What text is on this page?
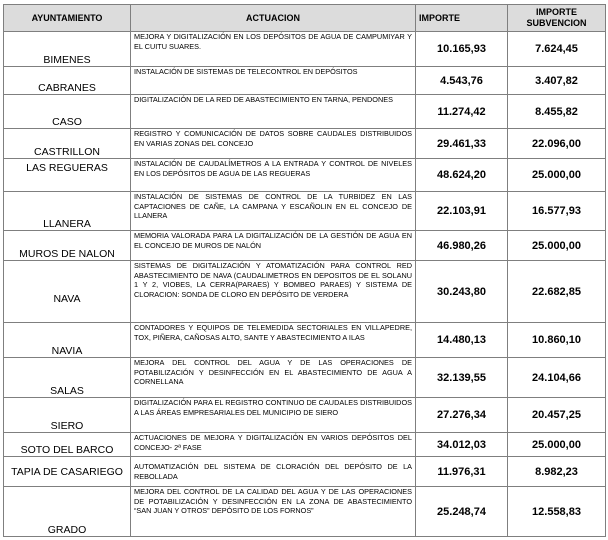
AYUNTAMIENTO	ACTUACION	IMPORTE	IMPORTE SUBVENCION
BIMENES	MEJORA Y DIGITALIZACIÓN EN LOS DEPÓSITOS DE AGUA DE CAMPUMIYAR Y EL CUITU SUARES.	10.165,93	7.624,45
CABRANES	INSTALACIÓN DE SISTEMAS DE TELECONTROL EN DEPÓSITOS	4.543,76	3.407,82
CASO	DIGITALIZACIÓN DE LA RED DE ABASTECIMIENTO EN TARNA, PENDONES	11.274,42	8.455,82
CASTRILLON	REGISTRO Y COMUNICACIÓN DE DATOS SOBRE CAUDALES DISTRIBUIDOS EN VARIAS ZONAS DEL CONCEJO	29.461,33	22.096,00
LAS REGUERAS	INSTALACIÓN DE CAUDALÍMETROS A LA ENTRADA Y CONTROL DE NIVELES EN LOS DEPÓSITOS DE AGUA DE LAS REGUERAS	48.624,20	25.000,00
LLANERA	INSTALACIÓN DE SISTEMAS DE CONTROL DE LA TURBIDEZ EN LAS CAPTACIONES DE CAÑE, LA CAMPANA Y ESCAÑOLIN EN EL CONCEJO DE LLANERA	22.103,91	16.577,93
MUROS DE NALON	MEMORIA VALORADA PARA LA DIGITALIZACIÓN DE LA GESTIÓN DE AGUA EN EL CONCEJO DE MUROS DE NALÓN	46.980,26	25.000,00
NAVA	SISTEMAS DE DIGITALIZACIÓN Y ATOMATIZACIÓN PARA CONTROL RED ABASTECIMIENTO DE NAVA (CAUDALIMETROS EN DEPOSITOS DE EL SOLANU 1 Y 2, VIOBES, LA CERRA(PARAES) Y BOMBEO PARAES) Y SISTEMA DE CLORACION: SONDA DE CLORO EN DEPÓSITO DE VERDERA	30.243,80	22.682,85
NAVIA	CONTADORES Y EQUIPOS DE TELEMEDIDA SECTORIALES EN VILLAPEDRE, TOX, PIÑERA, CAÑOSAS ALTO, SANTE Y ABASTECIMIENTO A ILAS	14.480,13	10.860,10
SALAS	MEJORA DEL CONTROL DEL AGUA Y DE LAS OPERACIONES DE POTABILIZACIÓN Y DESINFECCIÓN EN EL ABASTECIMIENTO DE AGUA A CORNELLANA	32.139,55	24.104,66
SIERO	DIGITALIZACIÓN PARA EL REGISTRO CONTINUO DE CAUDALES DISTRIBUIDOS A LAS ÁREAS EMPRESARIALES DEL MUNICIPIO DE SIERO	27.276,34	20.457,25
SOTO DEL BARCO	ACTUACIONES DE MEJORA Y DIGITALIZACIÓN EN VARIOS DEPÓSITOS DEL CONCEJO- 2ª FASE	34.012,03	25.000,00
TAPIA DE CASARIEGO	AUTOMATIZACIÓN DEL SISTEMA DE CLORACIÓN DEL DEPÓSITO DE LA REBOLLADA	11.976,31	8.982,23
GRADO	MEJORA DEL CONTROL DE LA CALIDAD DEL AGUA Y DE LAS OPERACIONES DE POTABILIZACIÓN Y DESINFECCIÓN EN LA ZONA DE ABASTECIMIENTO “SAN JUAN Y OTROS” DEPÓSITO DE LOS FORNOS”	25.248,74	12.558,83
